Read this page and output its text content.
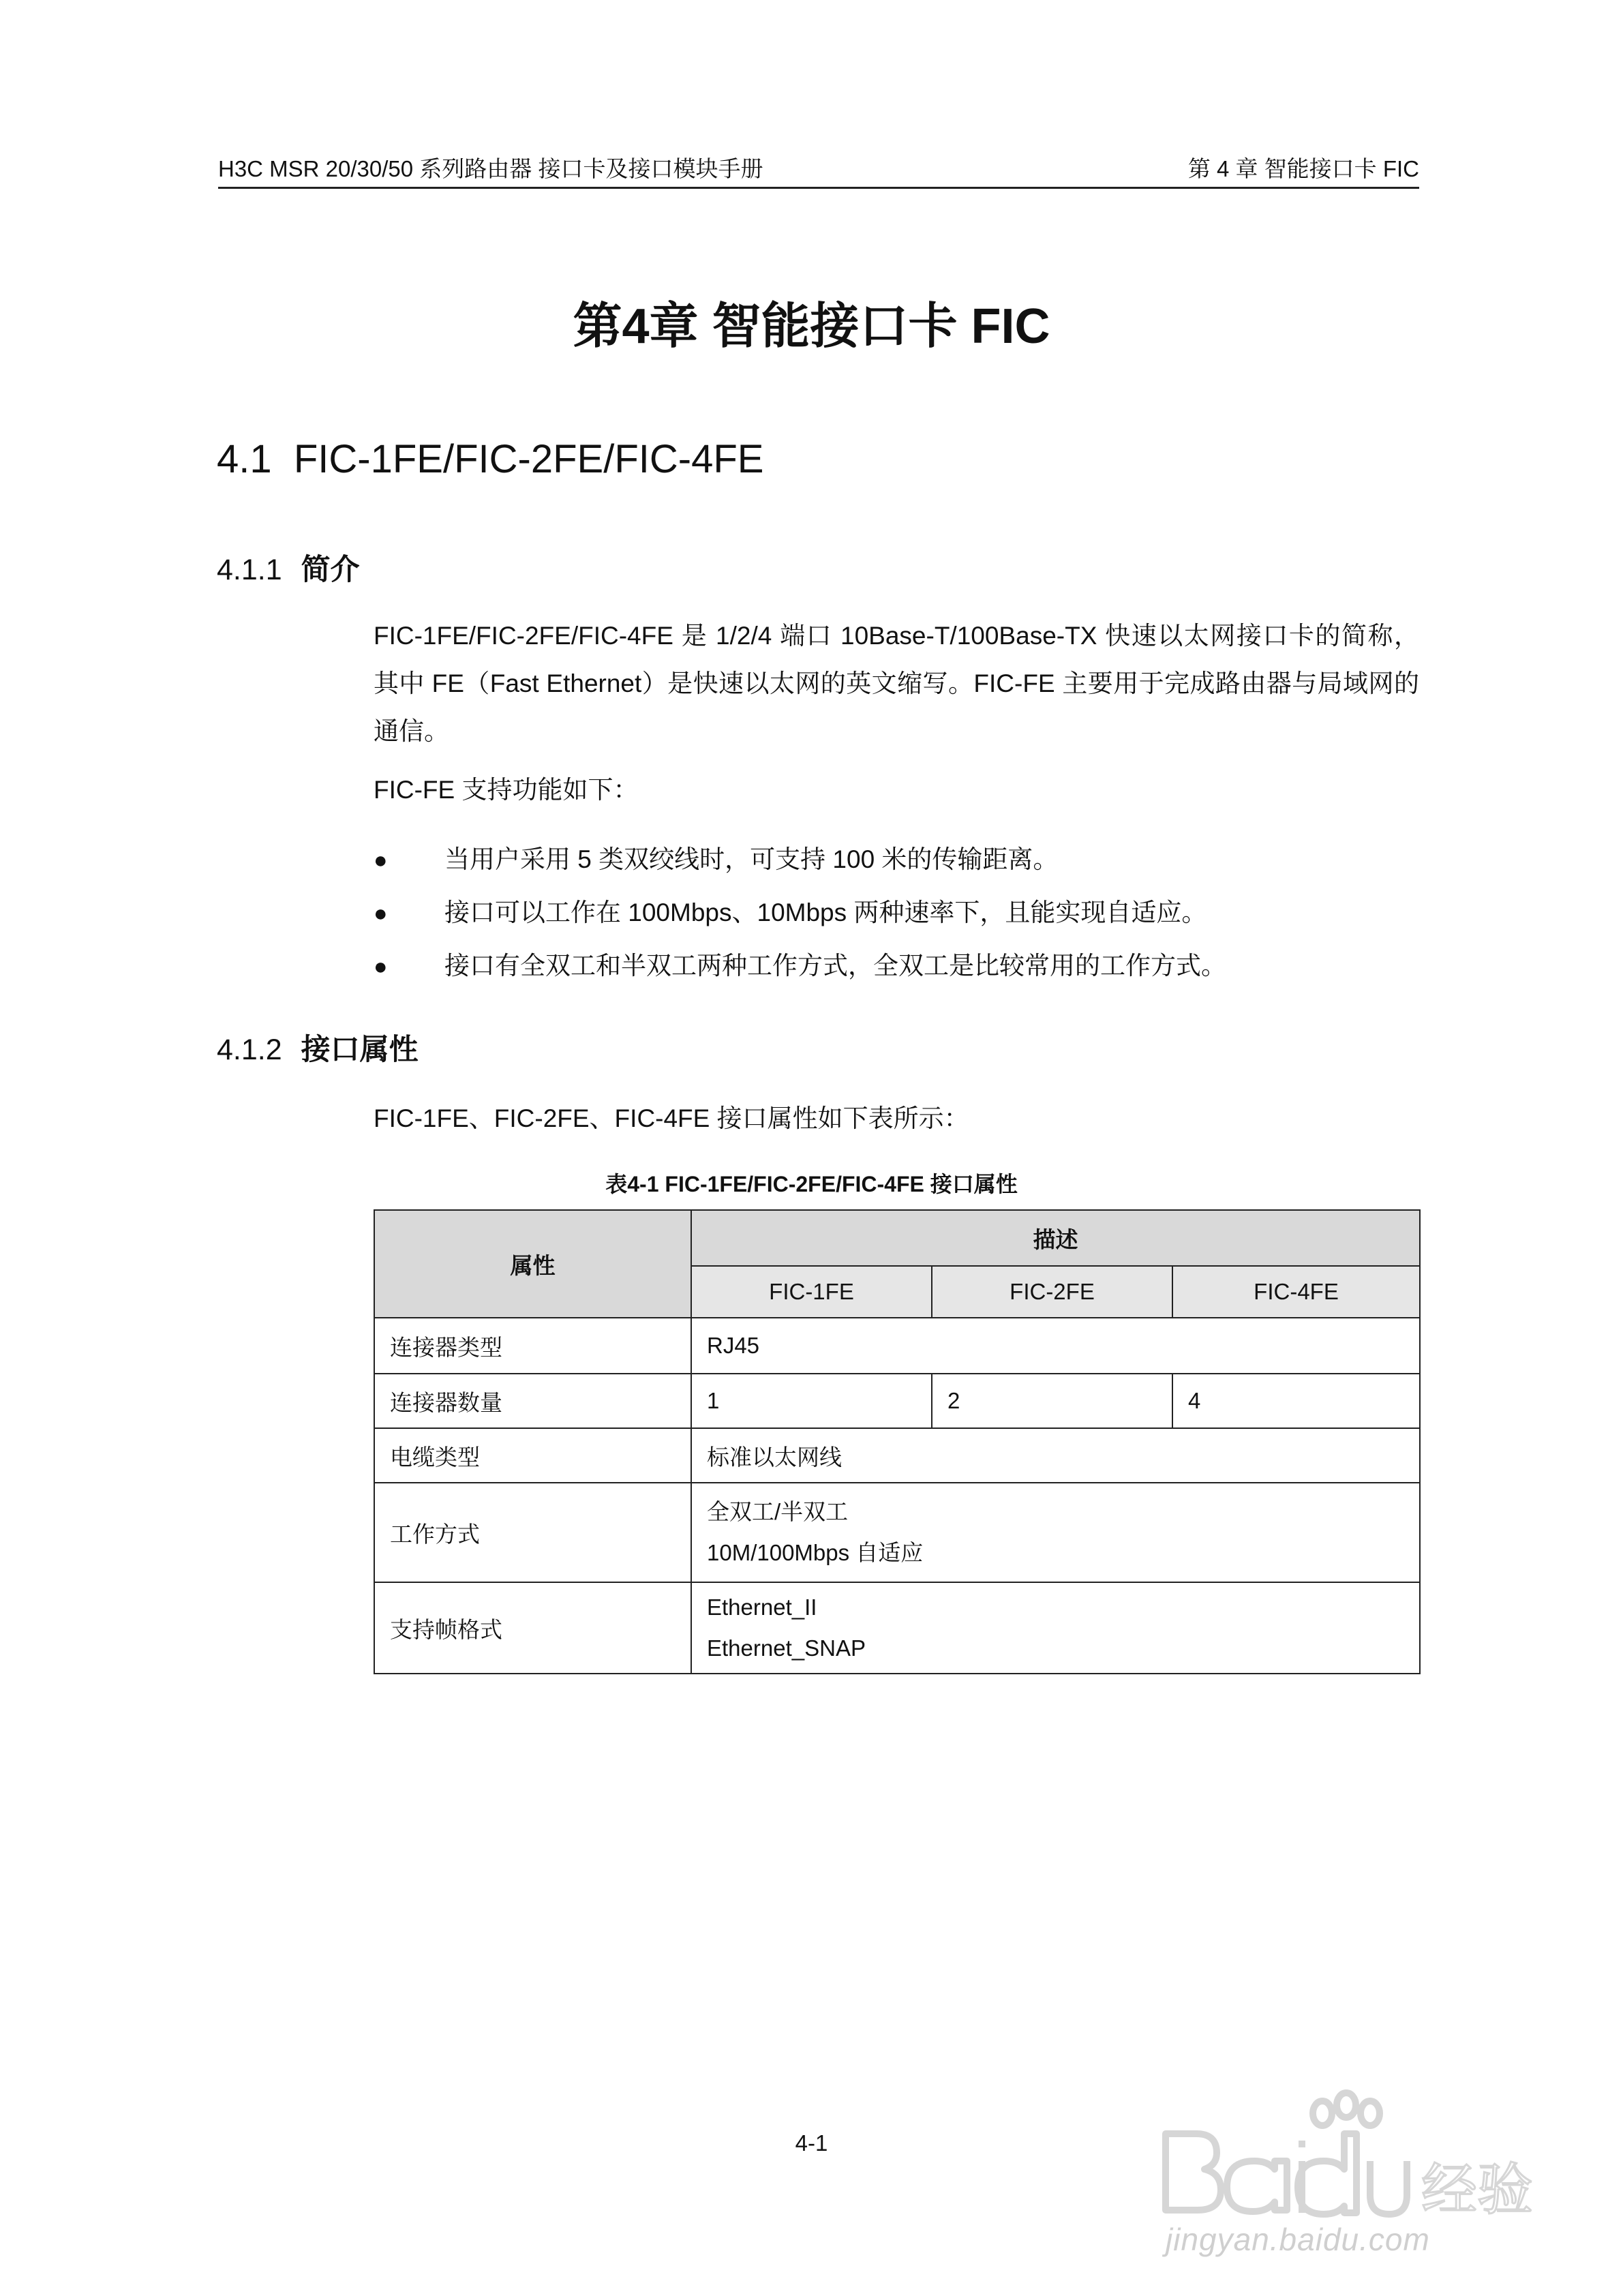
H3C MSR 20/30/50 系列路由器 接口卡及接口模块手册	第 4 章 智能接口卡 FIC
第4章 智能接口卡 FIC
4.1 FIC-1FE/FIC-2FE/FIC-4FE
4.1.1 简介
FIC-1FE/FIC-2FE/FIC-4FE 是 1/2/4 端口 10Base-T/100Base-TX 快速以太网接口卡的简称，其中 FE（Fast Ethernet）是快速以太网的英文缩写。FIC-FE 主要用于完成路由器与局域网的通信。
FIC-FE 支持功能如下：
● 当用户采用 5 类双绞线时，可支持 100 米的传输距离。
● 接口可以工作在 100Mbps、10Mbps 两种速率下，且能实现自适应。
● 接口有全双工和半双工两种工作方式，全双工是比较常用的工作方式。
4.1.2 接口属性
FIC-1FE、FIC-2FE、FIC-4FE 接口属性如下表所示：
表4-1 FIC-1FE/FIC-2FE/FIC-4FE 接口属性
属性	描述		
	FIC-1FE	FIC-2FE	FIC-4FE
连接器类型	RJ45		
连接器数量	1	2	4
电缆类型	标准以太网线		
工作方式	全双工/半双工
10M/100Mbps 自适应		

支持帧格式	Ethernet_II
Ethernet_SNAP		
4-1
经验
jingyan.baidu.com
